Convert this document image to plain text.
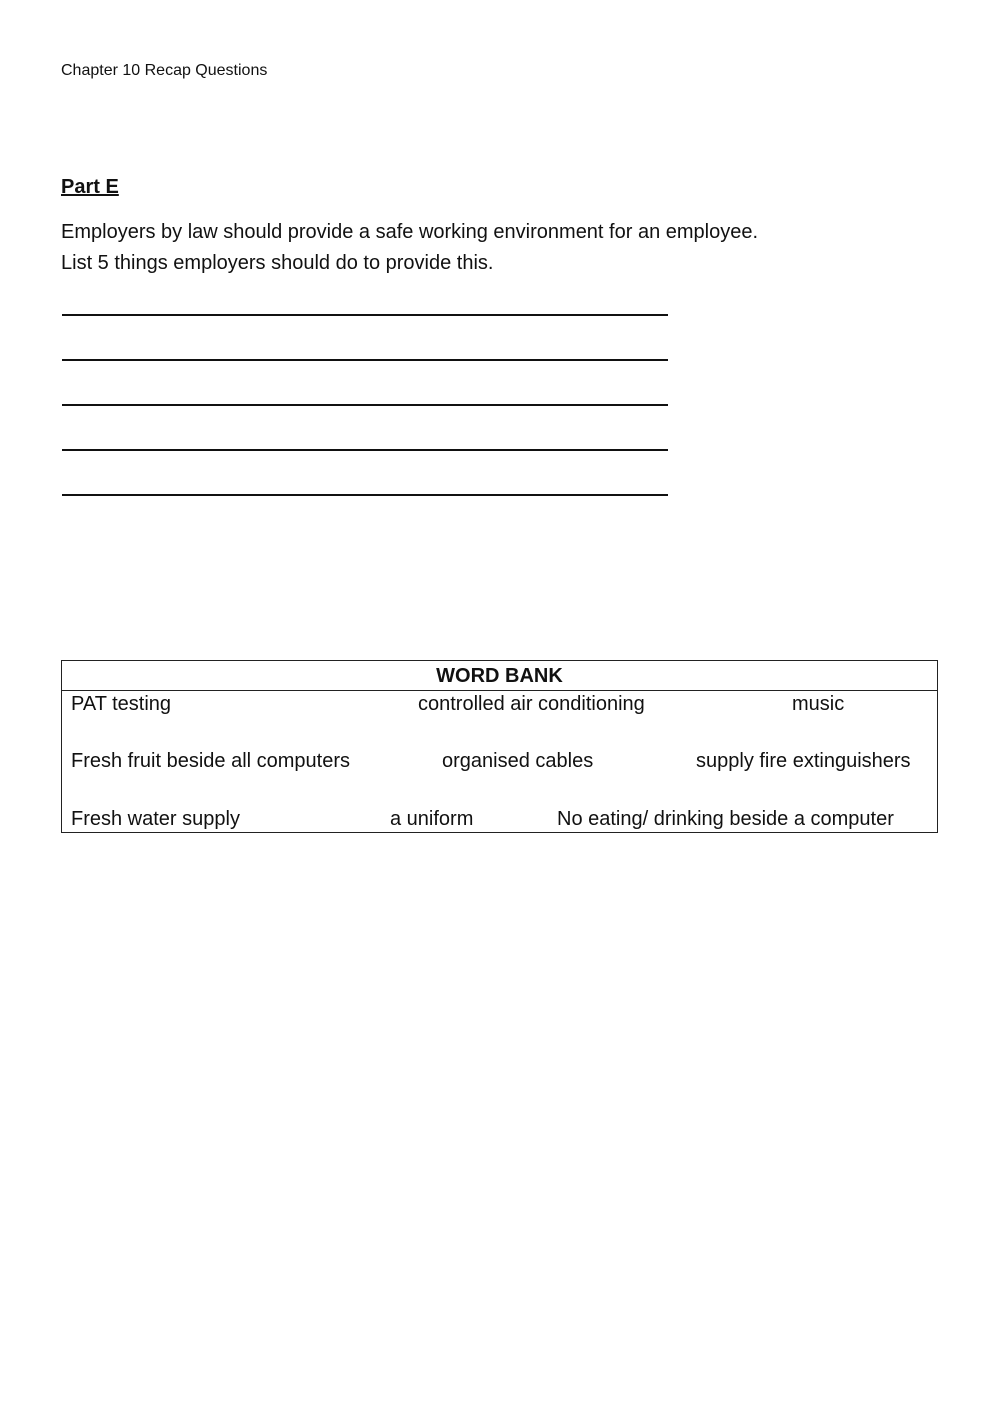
Chapter 10 Recap Questions
Part E
Employers by law should provide a safe working environment for an employee.
List 5 things employers should do to provide this.
WORD BANK
PAT testing	controlled air conditioning	music
Fresh fruit beside all computers	organised cables	supply fire extinguishers
Fresh water supply	a uniform	No eating/ drinking beside a computer
